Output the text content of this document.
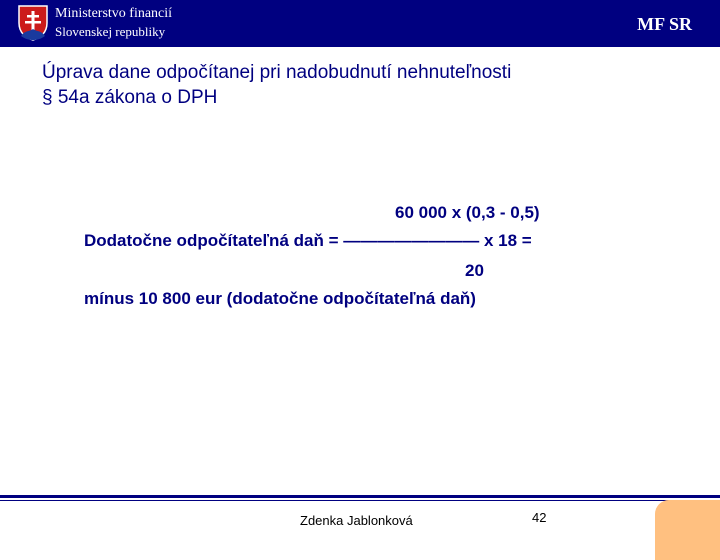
Ministerstvo financií
Slovenskej republiky	MF SR
Úprava dane odpočítanej pri nadobudnutí nehnuteľnosti
§ 54a zákona o DPH
60 000 x (0,3 - 0,5)
Dodatočne odpočítateľná daň = ———————— x 18 =
20
mínus 10 800 eur (dodatočne odpočítateľná daň)
Zdenka Jablonková	42
